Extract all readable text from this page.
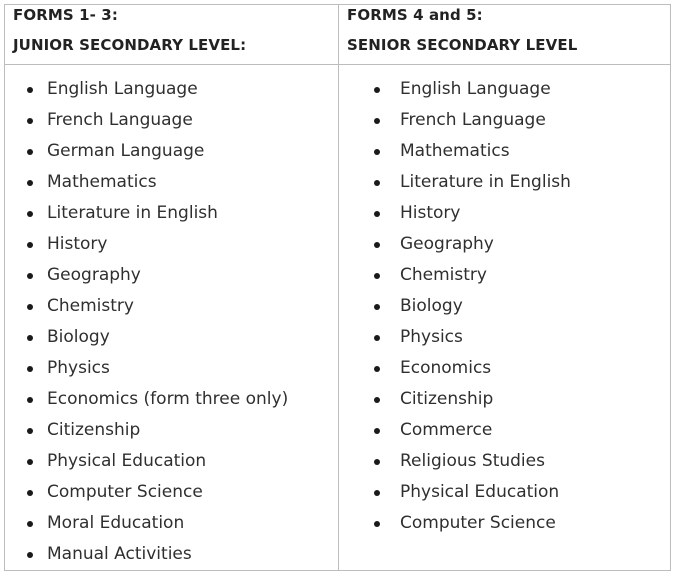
FORMS 1- 3:
JUNIOR SECONDARY LEVEL:
FORMS 4 and 5:
SENIOR SECONDARY LEVEL
English Language
French Language
German Language
Mathematics
Literature in English
History
Geography
Chemistry
Biology
Physics
Economics (form three only)
Citizenship
Physical Education
Computer Science
Moral Education
Manual Activities
English Language
French Language
Mathematics
Literature in English
History
Geography
Chemistry
Biology
Physics
Economics
Citizenship
Commerce
Religious Studies
Physical Education
Computer Science
